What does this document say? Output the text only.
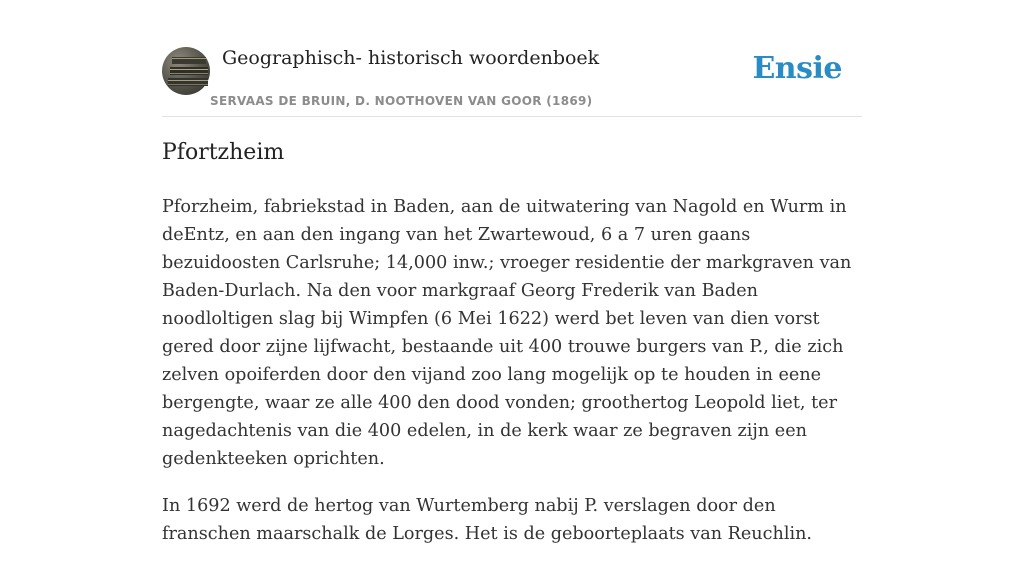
Geographisch- historisch woordenboek
SERVAAS DE BRUIN, D. NOOTHOVEN VAN GOOR (1869)
Ensie
Pfortzheim

Pforzheim, fabriekstad in Baden, aan de uitwatering van Nagold en Wurm in deEntz, en aan den ingang van het Zwartewoud, 6 a 7 uren gaans bezuidoosten Carlsruhe; 14,000 inw.; vroeger residentie der markgraven van Baden-Durlach. Na den voor markgraaf Georg Frederik van Baden noodloltigen slag bij Wimpfen (6 Mei 1622) werd bet leven van dien vorst gered door zijne lijfwacht, bestaande uit 400 trouwe burgers van P., die zich zelven opoiferden door den vijand zoo lang mogelijk op te houden in eene bergengte, waar ze alle 400 den dood vonden; groothertog Leopold liet, ter nagedachtenis van die 400 edelen, in de kerk waar ze begraven zijn een gedenkteeken oprichten.

In 1692 werd de hertog van Wurtemberg nabij P. verslagen door den franschen maarschalk de Lorges. Het is de geboorteplaats van Reuchlin.
